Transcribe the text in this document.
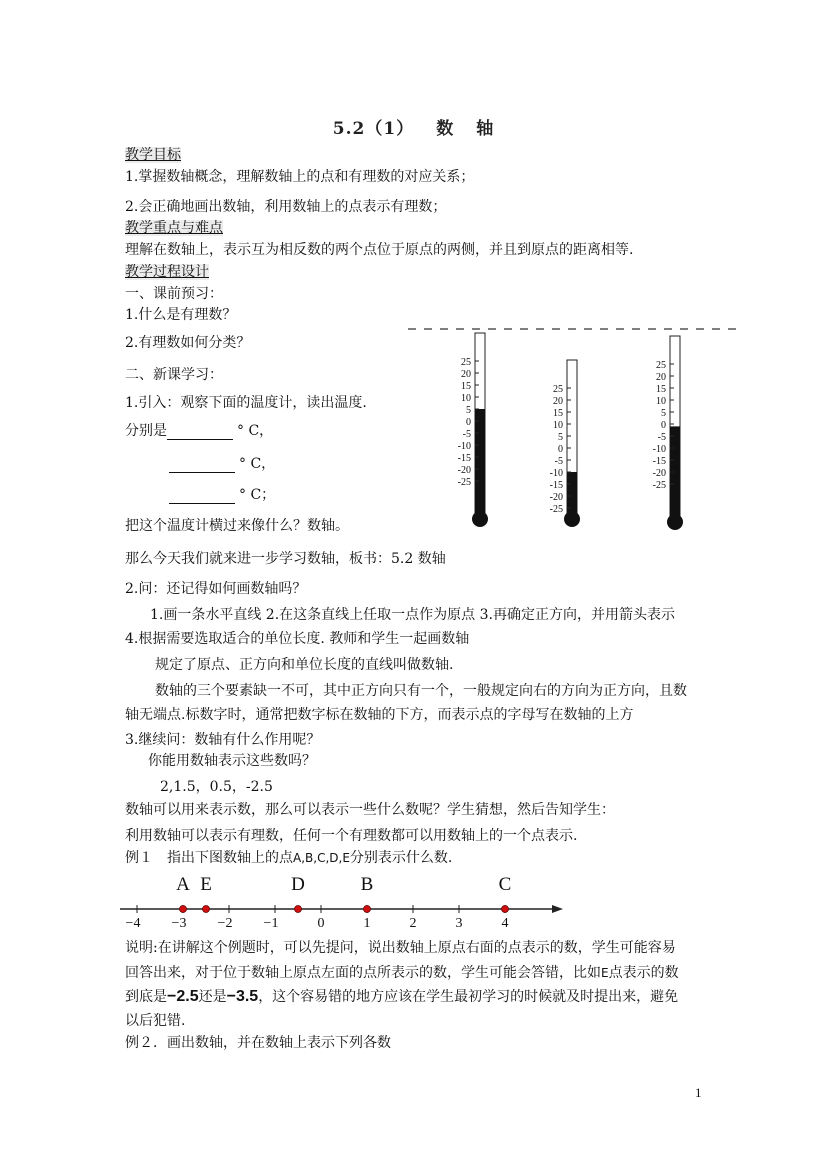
5.2（1） 数 轴
教学目标
1.掌握数轴概念，理解数轴上的点和有理数的对应关系；
2.会正确地画出数轴，利用数轴上的点表示有理数；
教学重点与难点
理解在数轴上，表示互为相反数的两个点位于原点的两侧，并且到原点的距离相等.
教学过程设计
一、课前预习：
1.什么是有理数？
2.有理数如何分类？
二、新课学习：
1.引入：观察下面的温度计，读出温度.
分别是	° C，
° C，
° C；
25
20
15
10
5
0
-5
-10
-15
-20
-25
25
20
15
10
5
0
-5
-10
-15
-20
-25
25
20
15
10
5
0
-5
-10
-15
-20
-25
把这个温度计横过来像什么？数轴。
那么今天我们就来进一步学习数轴，板书：5.2 数轴
2.问：还记得如何画数轴吗？
1.画一条水平直线 2.在这条直线上任取一点作为原点 3.再确定正方向，并用箭头表示
4.根据需要选取适合的单位长度. 教师和学生一起画数轴
规定了原点、正方向和单位长度的直线叫做数轴.
数轴的三个要素缺一不可，其中正方向只有一个，一般规定向右的方向为正方向，且数
轴无端点.标数字时，通常把数字标在数轴的下方，而表示点的字母写在数轴的上方
3.继续问：数轴有什么作用呢？
你能用数轴表示这些数吗？
2,1.5，0.5，-2.5
数轴可以用来表示数，那么可以表示一些什么数呢？学生猜想，然后告知学生：
利用数轴可以表示有理数，任何一个有理数都可以用数轴上的一个点表示.
例１　指出下图数轴上的点A,B,C,D,E分别表示什么数.
−4 −3 −2 −1	0	1	2	3	4
A E	D	B	C
说明:在讲解这个例题时，可以先提问，说出数轴上原点右面的点表示的数，学生可能容易
回答出来，对于位于数轴上原点左面的点所表示的数，学生可能会答错，比如E点表示的数
到底是−2.5还是−3.5，这个容易错的地方应该在学生最初学习的时候就及时提出来，避免
以后犯错.
例２．画出数轴，并在数轴上表示下列各数
1
